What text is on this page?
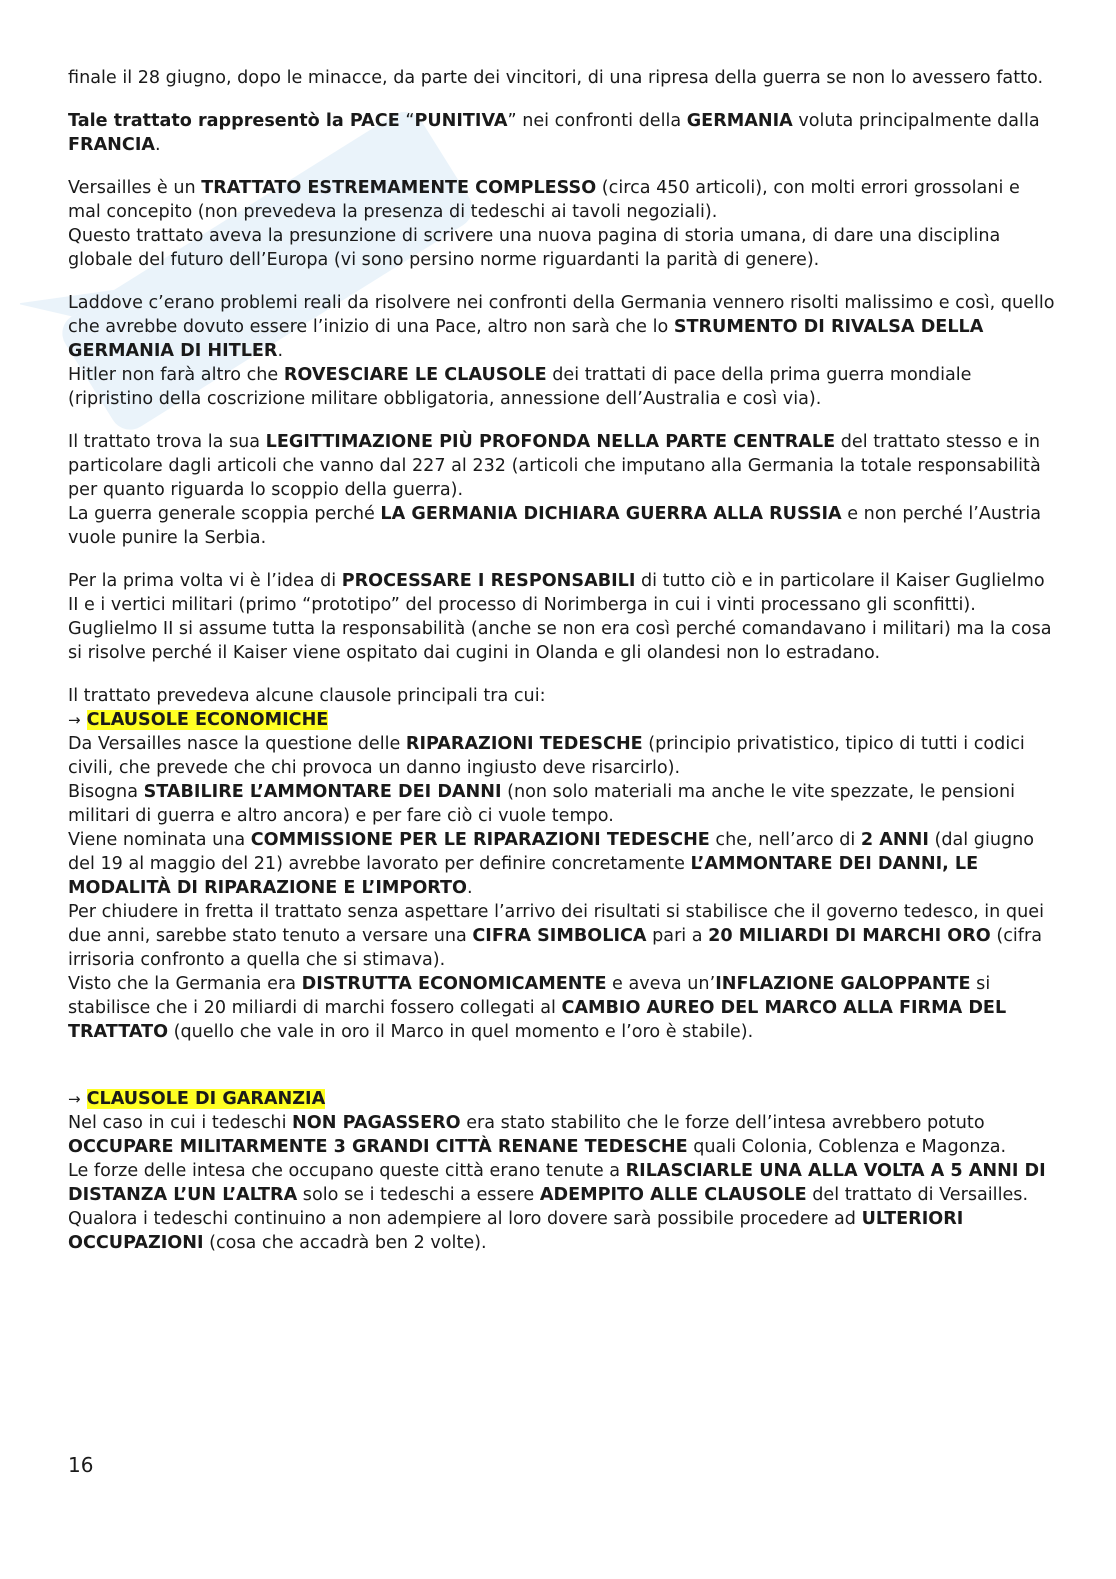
finale il 28 giugno, dopo le minacce, da parte dei vincitori, di una ripresa della guerra se non lo avessero fatto.

Tale trattato rappresentò la PACE “PUNITIVA” nei confronti della GERMANIA voluta principalmente dalla FRANCIA.

Versailles è un TRATTATO ESTREMAMENTE COMPLESSO (circa 450 articoli), con molti errori grossolani e mal concepito (non prevedeva la presenza di tedeschi ai tavoli negoziali).

Questo trattato aveva la presunzione di scrivere una nuova pagina di storia umana, di dare una disciplina globale del futuro dell’Europa (vi sono persino norme riguardanti la parità di genere).

Laddove c’erano problemi reali da risolvere nei confronti della Germania vennero risolti malissimo e così, quello che avrebbe dovuto essere l’inizio di una Pace, altro non sarà che lo STRUMENTO DI RIVALSA DELLA GERMANIA DI HITLER.

Hitler non farà altro che ROVESCIARE LE CLAUSOLE dei trattati di pace della prima guerra mondiale (ripristino della coscrizione militare obbligatoria, annessione dell’Australia e così via).

Il trattato trova la sua LEGITTIMAZIONE PIÙ PROFONDA NELLA PARTE CENTRALE del trattato stesso e in particolare dagli articoli che vanno dal 227 al 232 (articoli che imputano alla Germania la totale responsabilità per quanto riguarda lo scoppio della guerra).

La guerra generale scoppia perché LA GERMANIA DICHIARA GUERRA ALLA RUSSIA e non perché l’Austria vuole punire la Serbia.

Per la prima volta vi è l’idea di PROCESSARE I RESPONSABILI di tutto ciò e in particolare il Kaiser Guglielmo II e i vertici militari (primo “prototipo” del processo di Norimberga in cui i vinti processano gli sconfitti).

Guglielmo II si assume tutta la responsabilità (anche se non era così perché comandavano i militari) ma la cosa si risolve perché il Kaiser viene ospitato dai cugini in Olanda e gli olandesi non lo estradano.

Il trattato prevedeva alcune clausole principali tra cui:

→ CLAUSOLE ECONOMICHE

Da Versailles nasce la questione delle RIPARAZIONI TEDESCHE (principio privatistico, tipico di tutti i codici civili, che prevede che chi provoca un danno ingiusto deve risarcirlo).

Bisogna STABILIRE L’AMMONTARE DEI DANNI (non solo materiali ma anche le vite spezzate, le pensioni militari di guerra e altro ancora) e per fare ciò ci vuole tempo.

Viene nominata una COMMISSIONE PER LE RIPARAZIONI TEDESCHE che, nell’arco di 2 ANNI (dal giugno del 19 al maggio del 21) avrebbe lavorato per definire concretamente L’AMMONTARE DEI DANNI, LE MODALITÀ DI RIPARAZIONE E L’IMPORTO.

Per chiudere in fretta il trattato senza aspettare l’arrivo dei risultati si stabilisce che il governo tedesco, in quei due anni, sarebbe stato tenuto a versare una CIFRA SIMBOLICA pari a 20 MILIARDI DI MARCHI ORO (cifra irrisoria confronto a quella che si stimava).

Visto che la Germania era DISTRUTTA ECONOMICAMENTE e aveva un’INFLAZIONE GALOPPANTE si stabilisce che i 20 miliardi di marchi fossero collegati al CAMBIO AUREO DEL MARCO ALLA FIRMA DEL TRATTATO (quello che vale in oro il Marco in quel momento e l’oro è stabile).

→ CLAUSOLE DI GARANZIA

Nel caso in cui i tedeschi NON PAGASSERO era stato stabilito che le forze dell’intesa avrebbero potuto OCCUPARE MILITARMENTE 3 GRANDI CITTÀ RENANE TEDESCHE quali Colonia, Coblenza e Magonza.

Le forze delle intesa che occupano queste città erano tenute a RILASCIARLE UNA ALLA VOLTA A 5 ANNI DI DISTANZA L’UN L’ALTRA solo se i tedeschi a essere ADEMPITO ALLE CLAUSOLE del trattato di Versailles.

Qualora i tedeschi continuino a non adempiere al loro dovere sarà possibile procedere ad ULTERIORI OCCUPAZIONI (cosa che accadrà ben 2 volte).

16
